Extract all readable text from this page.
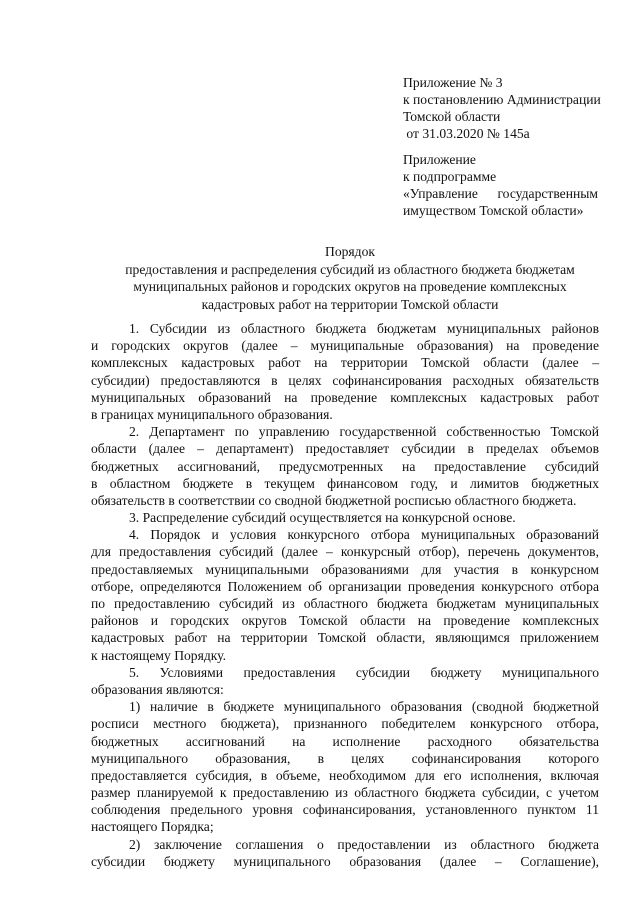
Приложение № 3
к постановлению Администрации
Томской области
от 31.03.2020 № 145а
Приложение
к подпрограмме
«Управление государственным
имуществом Томской области»
Порядок
предоставления и распределения субсидий из областного бюджета бюджетам
муниципальных районов и городских округов на проведение комплексных
кадастровых работ на территории Томской области
1. Субсидии из областного бюджета бюджетам муниципальных районов
и городских округов (далее – муниципальные образования) на проведение
комплексных кадастровых работ на территории Томской области (далее –
субсидии) предоставляются в целях софинансирования расходных обязательств
муниципальных образований на проведение комплексных кадастровых работ
в границах муниципального образования.
2. Департамент по управлению государственной собственностью Томской
области (далее – департамент) предоставляет субсидии в пределах объемов
бюджетных ассигнований, предусмотренных на предоставление субсидий
в областном бюджете в текущем финансовом году, и лимитов бюджетных
обязательств в соответствии со сводной бюджетной росписью областного бюджета.
3. Распределение субсидий осуществляется на конкурсной основе.
4. Порядок и условия конкурсного отбора муниципальных образований
для предоставления субсидий (далее – конкурсный отбор), перечень документов,
предоставляемых муниципальными образованиями для участия в конкурсном
отборе, определяются Положением об организации проведения конкурсного отбора
по предоставлению субсидий из областного бюджета бюджетам муниципальных
районов и городских округов Томской области на проведение комплексных
кадастровых работ на территории Томской области, являющимся приложением
к настоящему Порядку.
5. Условиями предоставления субсидии бюджету муниципального
образования являются:
1) наличие в бюджете муниципального образования (сводной бюджетной
росписи местного бюджета), признанного победителем конкурсного отбора,
бюджетных ассигнований на исполнение расходного обязательства
муниципального образования, в целях софинансирования которого
предоставляется субсидия, в объеме, необходимом для его исполнения, включая
размер планируемой к предоставлению из областного бюджета субсидии, с учетом
соблюдения предельного уровня софинансирования, установленного пунктом 11
настоящего Порядка;
2) заключение соглашения о предоставлении из областного бюджета
субсидии бюджету муниципального образования (далее – Соглашение),
